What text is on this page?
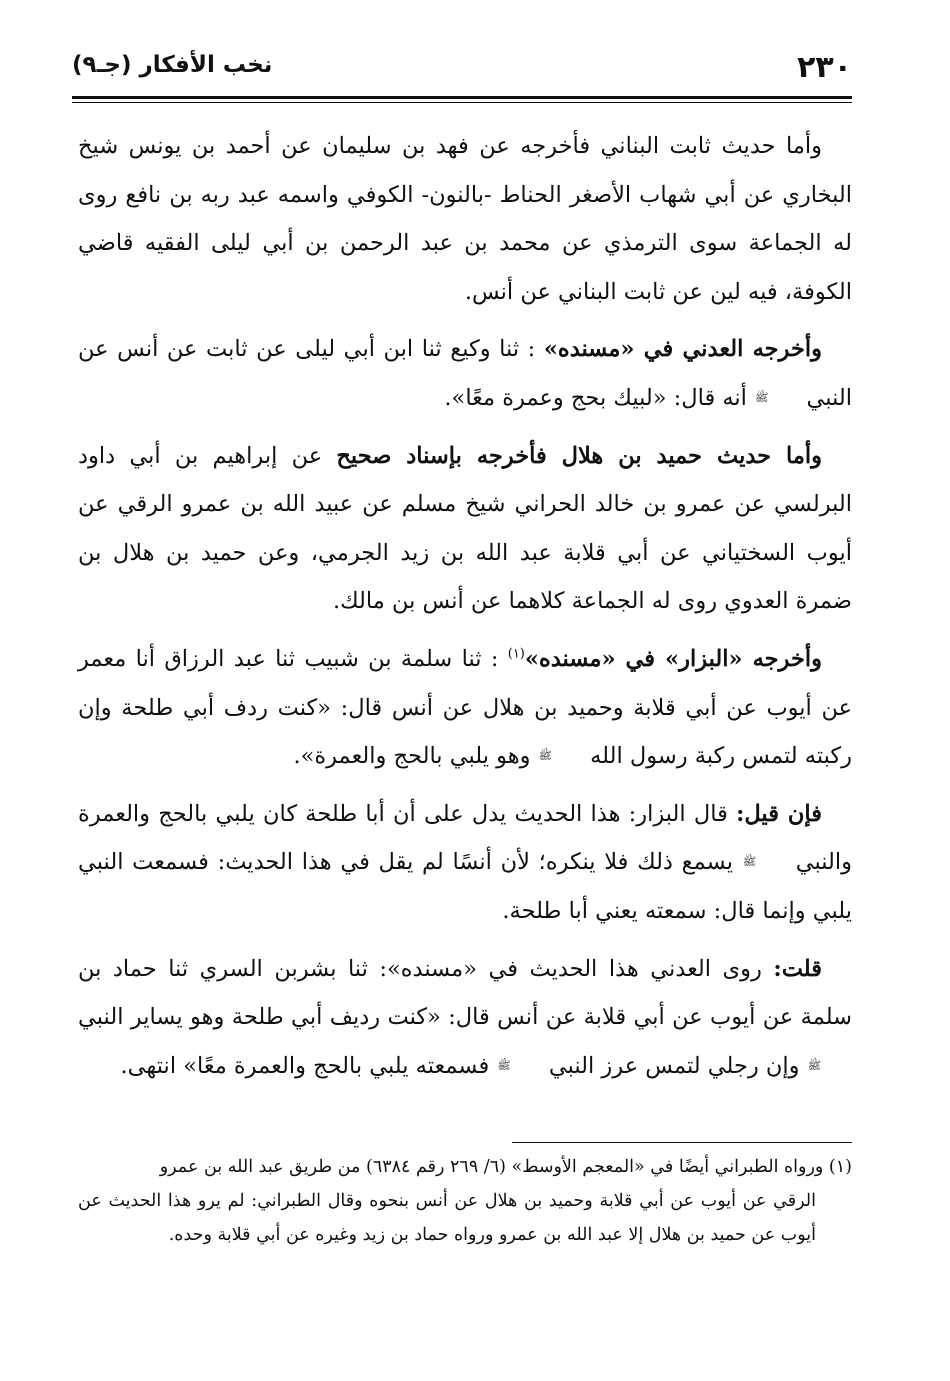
٢٣٠
نخب الأفكار (جـ٩)

وأما حديث ثابت البناني فأخرجه عن فهد بن سليمان عن أحمد بن يونس شيخ البخاري عن أبي شهاب الأصغر الحناط -بالنون- الكوفي واسمه عبد ربه بن نافع روى له الجماعة سوى الترمذي عن محمد بن عبد الرحمن بن أبي ليلى الفقيه قاضي الكوفة، فيه لين عن ثابت البناني عن أنس.

وأخرجه العدني في «مسنده» : ثنا وكيع ثنا ابن أبي ليلى عن ثابت عن أنس عن النبي ﷺ أنه قال: «لبيك بحج وعمرة معًا».

وأما حديث حميد بن هلال فأخرجه بإسناد صحيح عن إبراهيم بن أبي داود البرلسي عن عمرو بن خالد الحراني شيخ مسلم عن عبيد الله بن عمرو الرقي عن أيوب السختياني عن أبي قلابة عبد الله بن زيد الجرمي، وعن حميد بن هلال بن ضمرة العدوي روى له الجماعة كلاهما عن أنس بن مالك.

وأخرجه «البزار» في «مسنده»$^{(١)}$ : ثنا سلمة بن شبيب ثنا عبد الرزاق أنا معمر عن أيوب عن أبي قلابة وحميد بن هلال عن أنس قال: «كنت ردف أبي طلحة وإن ركبته لتمس ركبة رسول الله ﷺ وهو يلبي بالحج والعمرة».

فإن قيل: قال البزار: هذا الحديث يدل على أن أبا طلحة كان يلبي بالحج والعمرة والنبي ﷺ يسمع ذلك فلا ينكره؛ لأن أنسًا لم يقل في هذا الحديث: فسمعت النبي يلبي وإنما قال: سمعته يعني أبا طلحة.

قلت: روى العدني هذا الحديث في «مسنده»: ثنا بشربن السري ثنا حماد بن سلمة عن أيوب عن أبي قلابة عن أنس قال: «كنت رديف أبي طلحة وهو يساير النبي ﷺ وإن رجلي لتمس عرز النبي ﷺ فسمعته يلبي بالحج والعمرة معًا» انتهى.

(١) ورواه الطبراني أيضًا في «المعجم الأوسط» (٦/ ٢٦٩ رقم ٦٣٨٤) من طريق عبد الله بن عمرو
الرقي عن أيوب عن أبي قلابة وحميد بن هلال عن أنس بنحوه وقال الطبراني: لم يرو هذا الحديث عن أيوب عن حميد بن هلال إلا عبد الله بن عمرو ورواه حماد بن زيد وغيره عن أبي قلابة وحده.
